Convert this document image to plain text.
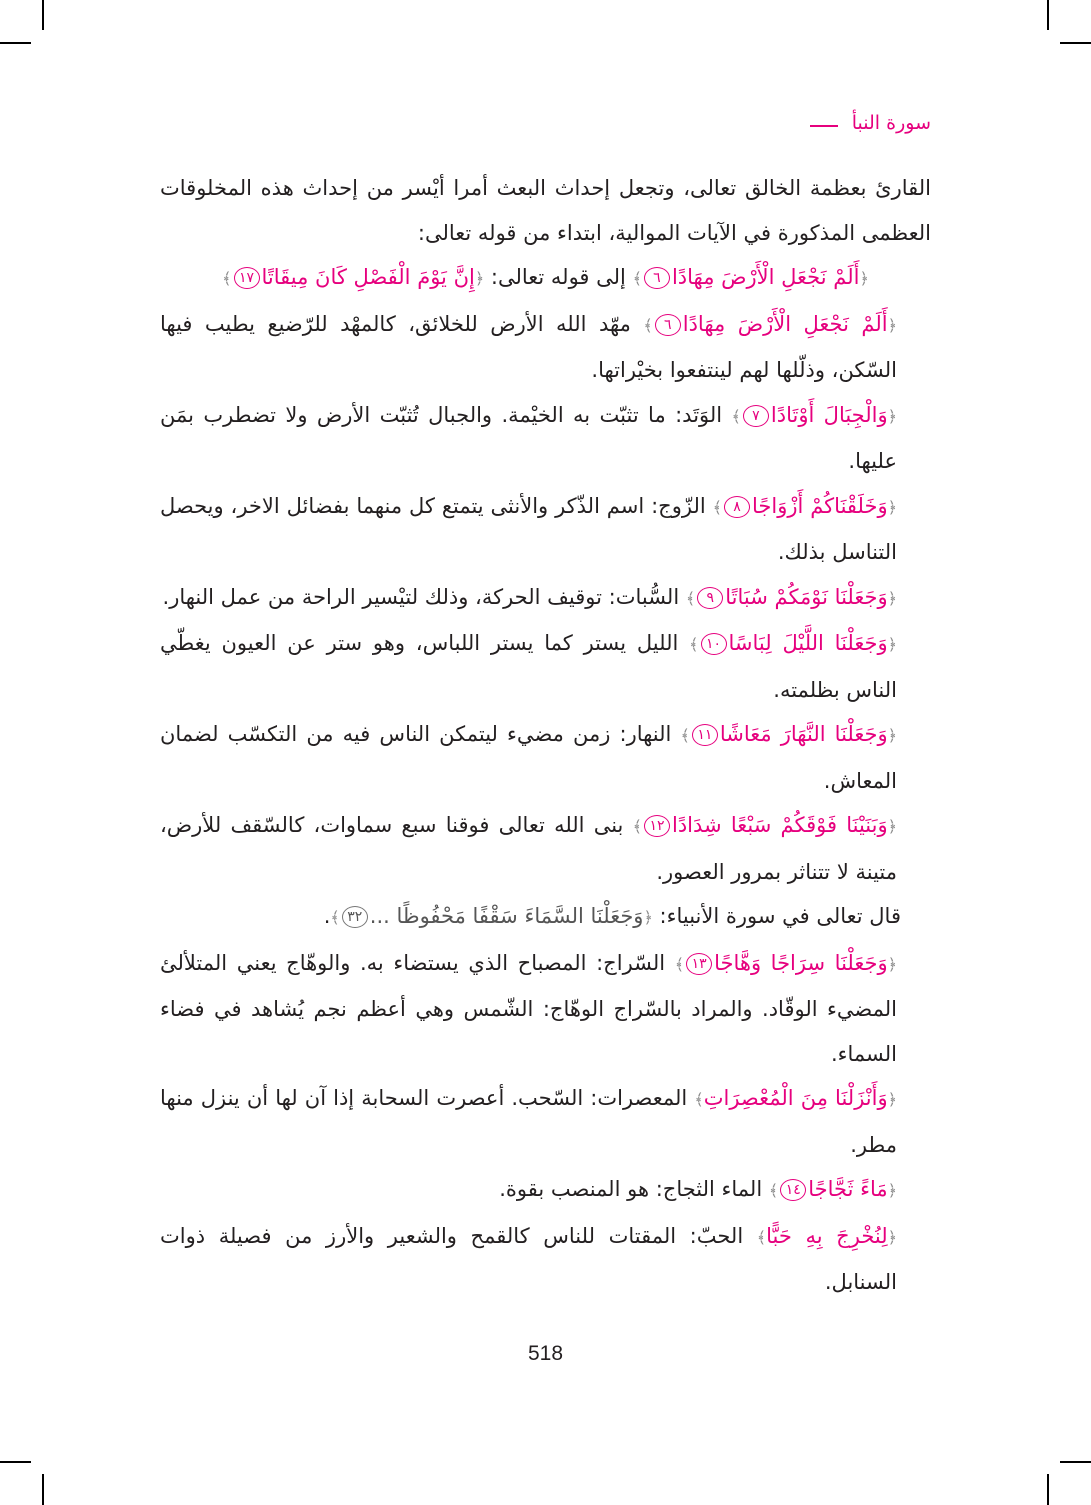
سورة النبأ

القارئ بعظمة الخالق تعالى، وتجعل إحداث البعث أمرا أيْسر من إحداث هذه المخلوقات العظمى المذكورة في الآيات الموالية، ابتداء من قوله تعالى:

﴿أَلَمْ نَجْعَلِ الْأَرْضَ مِهَادًا٦﴾ إلى قوله تعالى: ﴿إِنَّ يَوْمَ الْفَصْلِ كَانَ مِيقَاتًا١٧﴾

﴿أَلَمْ نَجْعَلِ الْأَرْضَ مِهَادًا٦﴾ مهّد الله الأرض للخلائق، كالمهْد للرّضيع يطيب فيها السّكن، وذلّلها لهم لينتفعوا بخيْراتها.

﴿وَالْجِبَالَ أَوْتَادًا٧﴾ الوَتَد: ما تثبّت به الخيْمة. والجبال تُثبّت الأرض ولا تضطرب بمَن عليها.

﴿وَخَلَقْنَاكُمْ أَزْوَاجًا٨﴾ الزّوج: اسم الذّكر والأنثى يتمتع كل منهما بفضائل الاخر، ويحصل التناسل بذلك.

﴿وَجَعَلْنَا نَوْمَكُمْ سُبَاتًا٩﴾ السُّبات: توقيف الحركة، وذلك لتيْسير الراحة من عمل النهار.

﴿وَجَعَلْنَا اللَّيْلَ لِبَاسًا١٠﴾ الليل يستر كما يستر اللباس، وهو ستر عن العيون يغطّي الناس بظلمته.

﴿وَجَعَلْنَا النَّهَارَ مَعَاشًا١١﴾ النهار: زمن مضيء ليتمكن الناس فيه من التكسّب لضمان المعاش.

﴿وَبَنَيْنَا فَوْقَكُمْ سَبْعًا شِدَادًا١٢﴾ بنى الله تعالى فوقنا سبع سماوات، كالسّقف للأرض، متينة لا تتناثر بمرور العصور.

قال تعالى في سورة الأنبياء: ﴿وَجَعَلْنَا السَّمَاءَ سَقْفًا مَحْفُوظًا ...٣٢﴾.

﴿وَجَعَلْنَا سِرَاجًا وَهَّاجًا١٣﴾ السّراج: المصباح الذي يستضاء به. والوهّاج يعني المتلألئ المضيء الوقّاد. والمراد بالسّراج الوهّاج: الشّمس وهي أعظم نجم يُشاهد في فضاء السماء.

﴿وَأَنْزَلْنَا مِنَ الْمُعْصِرَاتِ﴾ المعصرات: السّحب. أعصرت السحابة إذا آن لها أن ينزل منها مطر.

﴿مَاءً ثَجَّاجًا١٤﴾ الماء الثجاج: هو المنصب بقوة.

﴿لِنُخْرِجَ بِهِ حَبًّا﴾ الحبّ: المقتات للناس كالقمح والشعير والأرز من فصيلة ذوات السنابل.

518
